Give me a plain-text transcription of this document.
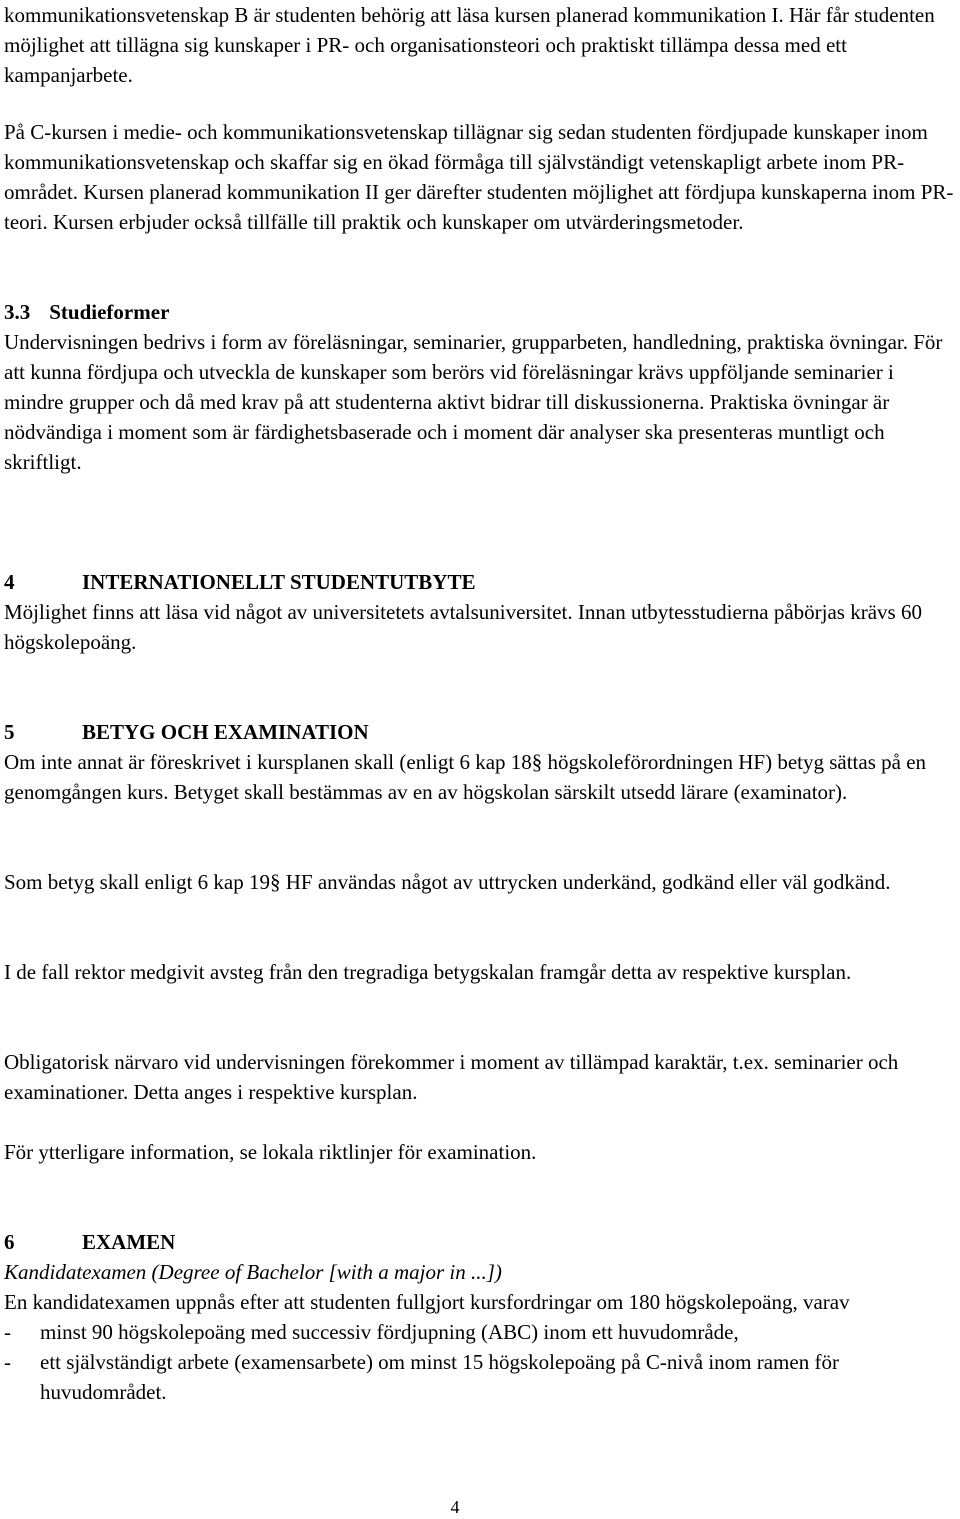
kommunikationsvetenskap B är studenten behörig att läsa kursen planerad kommunikation I. Här får studenten möjlighet att tillägna sig kunskaper i PR- och organisationsteori och praktiskt tillämpa dessa med ett kampanjarbete.

På C-kursen i medie- och kommunikationsvetenskap tillägnar sig sedan studenten fördjupade kunskaper inom kommunikationsvetenskap och skaffar sig en ökad förmåga till självständigt vetenskapligt arbete inom PR-området. Kursen planerad kommunikation II ger därefter studenten möjlighet att fördjupa kunskaperna inom PR-teori. Kursen erbjuder också tillfälle till praktik och kunskaper om utvärderingsmetoder.

3.3 Studieformer

Undervisningen bedrivs i form av föreläsningar, seminarier, grupparbeten, handledning, praktiska övningar. För att kunna fördjupa och utveckla de kunskaper som berörs vid föreläsningar krävs uppföljande seminarier i mindre grupper och då med krav på att studenterna aktivt bidrar till diskussionerna. Praktiska övningar är nödvändiga i moment som är färdighetsbaserade och i moment där analyser ska presenteras muntligt och skriftligt.

4	INTERNATIONELLT STUDENTUTBYTE

Möjlighet finns att läsa vid något av universitetets avtalsuniversitet. Innan utbytesstudierna påbörjas krävs 60 högskolepoäng.

5	BETYG OCH EXAMINATION

Om inte annat är föreskrivet i kursplanen skall (enligt 6 kap 18§ högskoleförordningen HF) betyg sättas på en genomgången kurs. Betyget skall bestämmas av en av högskolan särskilt utsedd lärare (examinator).

Som betyg skall enligt 6 kap 19§ HF användas något av uttrycken underkänd, godkänd eller väl godkänd.

I de fall rektor medgivit avsteg från den tregradiga betygskalan framgår detta av respektive kursplan.

Obligatorisk närvaro vid undervisningen förekommer i moment av tillämpad karaktär, t.ex. seminarier och examinationer. Detta anges i respektive kursplan.

För ytterligare information, se lokala riktlinjer för examination.

6	EXAMEN

Kandidatexamen (Degree of Bachelor [with a major in ...])

En kandidatexamen uppnås efter att studenten fullgjort kursfordringar om 180 högskolepoäng, varav

- minst 90 högskolepoäng med successiv fördjupning (ABC) inom ett huvudområde,

- ett självständigt arbete (examensarbete) om minst 15 högskolepoäng på C-nivå inom ramen för huvudområdet.

4
